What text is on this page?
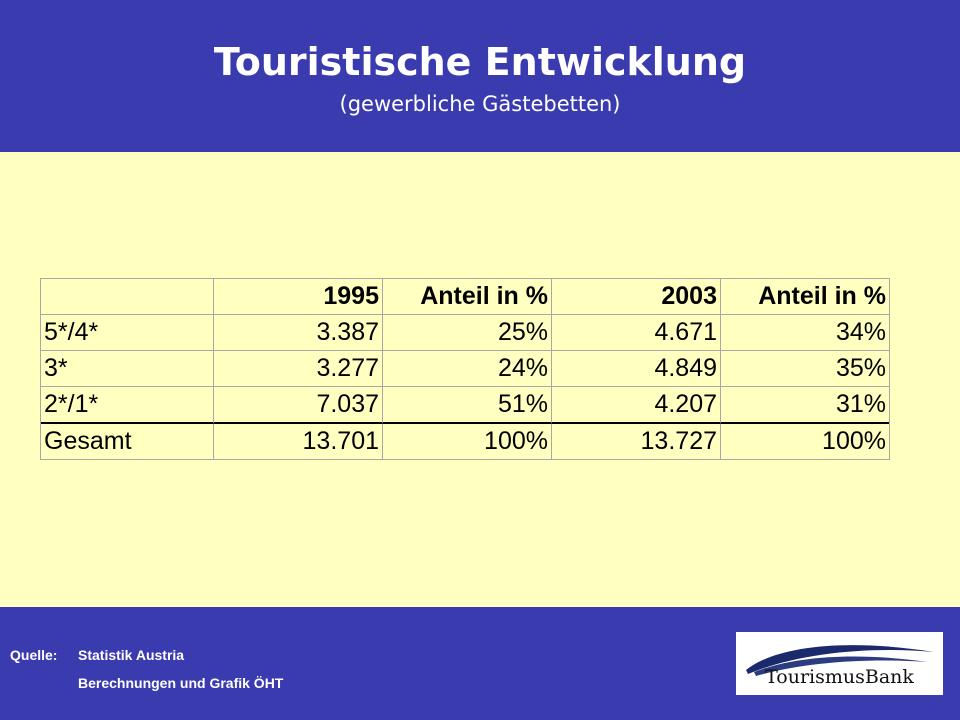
Touristische Entwicklung
(gewerbliche Gästebetten)
	1995	Anteil in %	2003	Anteil in %
5*/4*	3.387	25%	4.671	34%
3*	3.277	24%	4.849	35%
2*/1*	7.037	51%	4.207	31%
Gesamt	13.701	100%	13.727	100%
Quelle: Statistik Austria
Berechnungen und Grafik ÖHT	TourismusBank
